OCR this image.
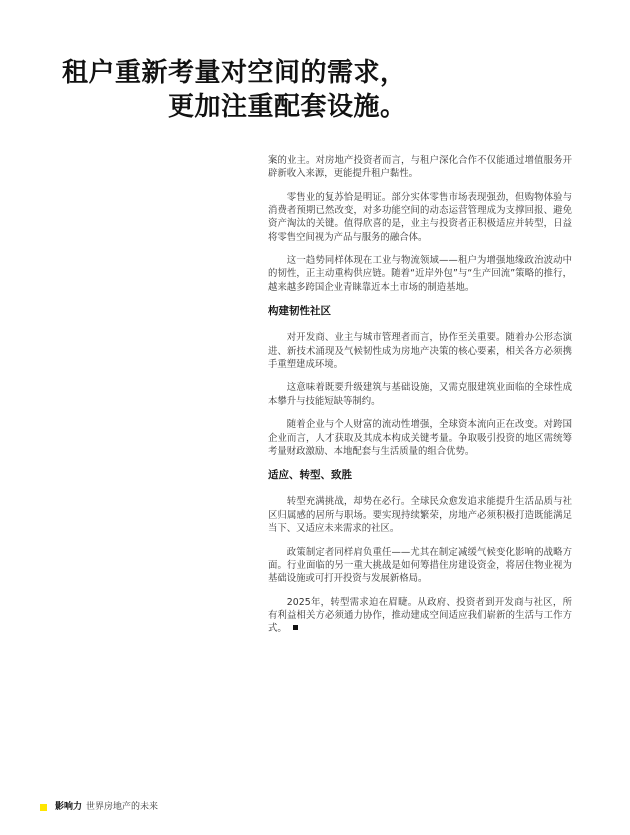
租户重新考量对空间的需求，
更加注重配套设施。

案的业主。对房地产投资者而言，与租户深化合作不仅能通过增值服务开辟新收入来源，更能提升租户黏性。

零售业的复苏恰是明证。部分实体零售市场表现强劲，但购物体验与消费者预期已然改变，对多功能空间的动态运营管理成为支撑回报、避免资产淘汰的关键。值得欣喜的是，业主与投资者正积极适应并转型，日益将零售空间视为产品与服务的融合体。

这一趋势同样体现在工业与物流领域——租户为增强地缘政治波动中的韧性，正主动重构供应链。随着“近岸外包”与“生产回流”策略的推行，越来越多跨国企业青睐靠近本土市场的制造基地。

构建韧性社区

对开发商、业主与城市管理者而言，协作至关重要。随着办公形态演进、新技术涌现及气候韧性成为房地产决策的核心要素，相关各方必须携手重塑建成环境。

这意味着既要升级建筑与基础设施，又需克服建筑业面临的全球性成本攀升与技能短缺等制约。

随着企业与个人财富的流动性增强，全球资本流向正在改变。对跨国企业而言，人才获取及其成本构成关键考量。争取吸引投资的地区需统筹考量财政激励、本地配套与生活质量的组合优势。

适应、转型、致胜

转型充满挑战，却势在必行。全球民众愈发追求能提升生活品质与社区归属感的居所与职场。要实现持续繁荣，房地产必须积极打造既能满足当下、又适应未来需求的社区。

政策制定者同样肩负重任——尤其在制定减缓气候变化影响的战略方面。行业面临的另一重大挑战是如何筹措住房建设资金，将居住物业视为基础设施或可打开投资与发展新格局。

2025年，转型需求迫在眉睫。从政府、投资者到开发商与社区，所有利益相关方必须通力协作，推动建成空间适应我们崭新的生活与工作方式。

影响力 世界房地产的未来
